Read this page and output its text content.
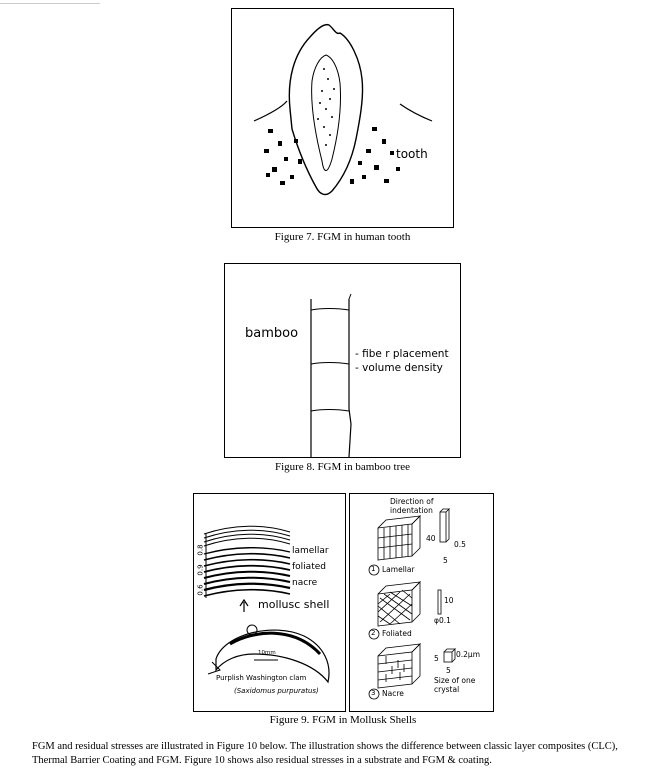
tooth
Figure 7. FGM in human tooth
bamboo
- fibe r placement
- volume density
Figure 8. FGM in bamboo tree
0.8
0.9
0.6
lamellar
foliated
nacre
mollusc shell
10mm
Purplish Washington clam
(Saxidomus purpuratus)
Direction of
indentation
40
0.5
5
1 Lamellar
10
φ0.1
2 Foliated
5 0.2μm
5
Size of one
crystal
3 Nacre
Figure 9. FGM in Mollusk Shells

FGM and residual stresses are illustrated in Figure 10 below. The illustration shows the difference between classic layer composites (CLC), Thermal Barrier Coating and FGM. Figure 10 shows also residual stresses in a substrate and FGM & coating.
